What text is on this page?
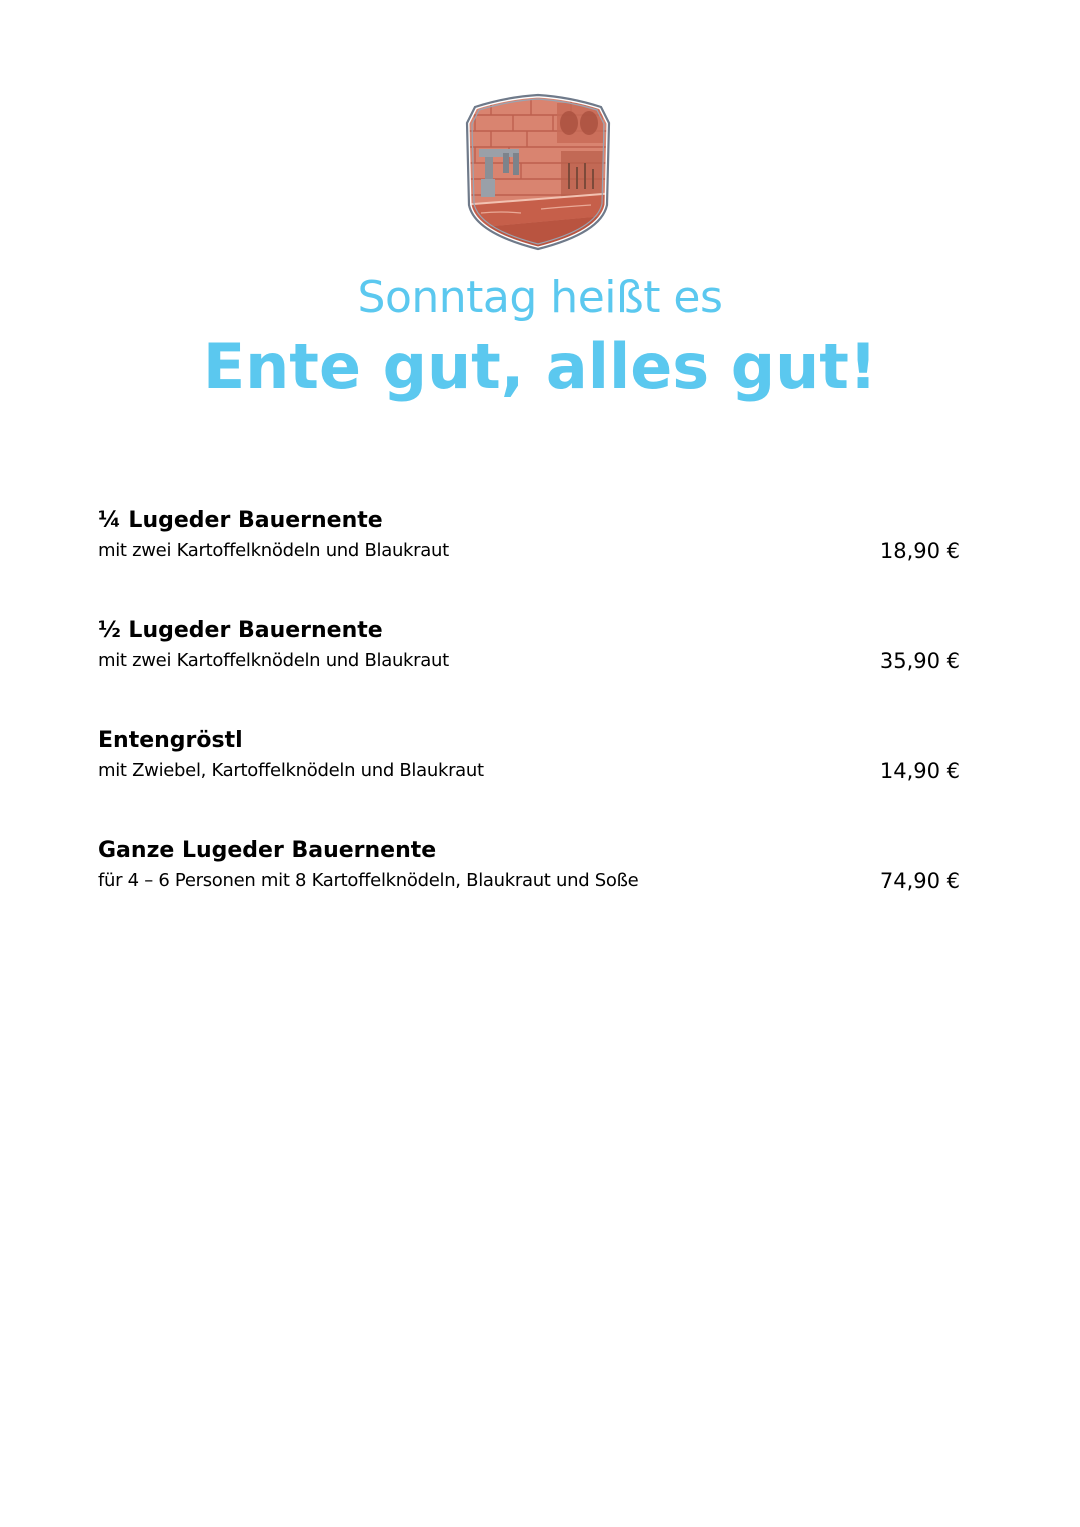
Sonntag heißt es
Ente gut, alles gut!
¼ Lugeder Bauernente
mit zwei Kartoffelknödeln und Blaukraut	18,90 €
½ Lugeder Bauernente
mit zwei Kartoffelknödeln und Blaukraut	35,90 €
Entengröstl
mit Zwiebel, Kartoffelknödeln und Blaukraut	14,90 €
Ganze Lugeder Bauernente
für 4 – 6 Personen mit 8 Kartoffelknödeln, Blaukraut und Soße	74,90 €
